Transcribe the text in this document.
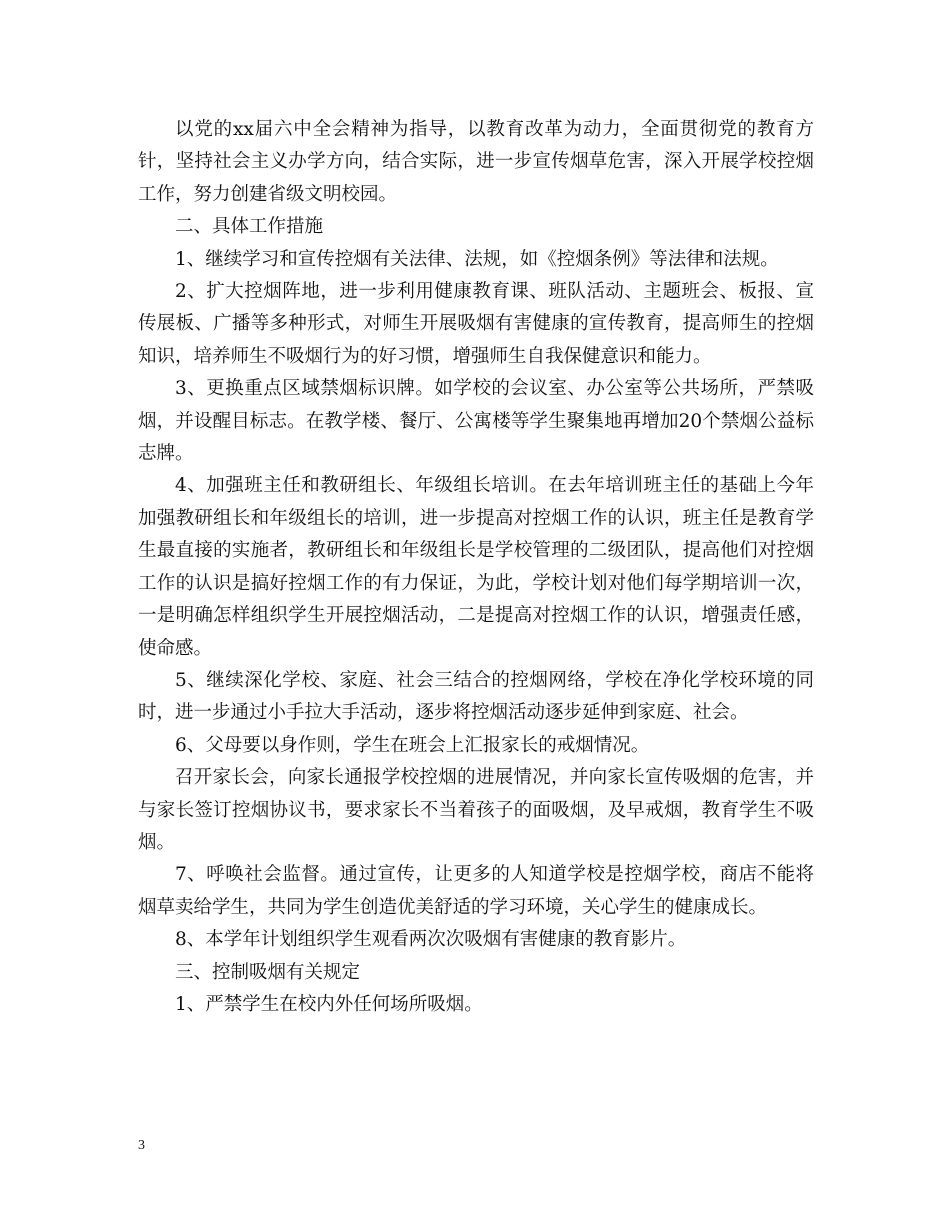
以党的xx届六中全会精神为指导，以教育改革为动力，全面贯彻党的教育方针，坚持社会主义办学方向，结合实际，进一步宣传烟草危害，深入开展学校控烟工作，努力创建省级文明校园。

二、具体工作措施

1、继续学习和宣传控烟有关法律、法规，如《控烟条例》等法律和法规。

2、扩大控烟阵地，进一步利用健康教育课、班队活动、主题班会、板报、宣传展板、广播等多种形式，对师生开展吸烟有害健康的宣传教育，提高师生的控烟知识，培养师生不吸烟行为的好习惯，增强师生自我保健意识和能力。

3、更换重点区域禁烟标识牌。如学校的会议室、办公室等公共场所，严禁吸烟，并设醒目标志。在教学楼、餐厅、公寓楼等学生聚集地再增加20个禁烟公益标志牌。

4、加强班主任和教研组长、年级组长培训。在去年培训班主任的基础上今年加强教研组长和年级组长的培训，进一步提高对控烟工作的认识，班主任是教育学生最直接的实施者，教研组长和年级组长是学校管理的二级团队，提高他们对控烟工作的认识是搞好控烟工作的有力保证，为此，学校计划对他们每学期培训一次，一是明确怎样组织学生开展控烟活动，二是提高对控烟工作的认识，增强责任感，使命感。

5、继续深化学校、家庭、社会三结合的控烟网络，学校在净化学校环境的同时，进一步通过小手拉大手活动，逐步将控烟活动逐步延伸到家庭、社会。

6、父母要以身作则，学生在班会上汇报家长的戒烟情况。

召开家长会，向家长通报学校控烟的进展情况，并向家长宣传吸烟的危害，并与家长签订控烟协议书，要求家长不当着孩子的面吸烟，及早戒烟，教育学生不吸烟。

7、呼唤社会监督。通过宣传，让更多的人知道学校是控烟学校，商店不能将烟草卖给学生，共同为学生创造优美舒适的学习环境，关心学生的健康成长。

8、本学年计划组织学生观看两次次吸烟有害健康的教育影片。

三、控制吸烟有关规定

1、严禁学生在校内外任何场所吸烟。

3
